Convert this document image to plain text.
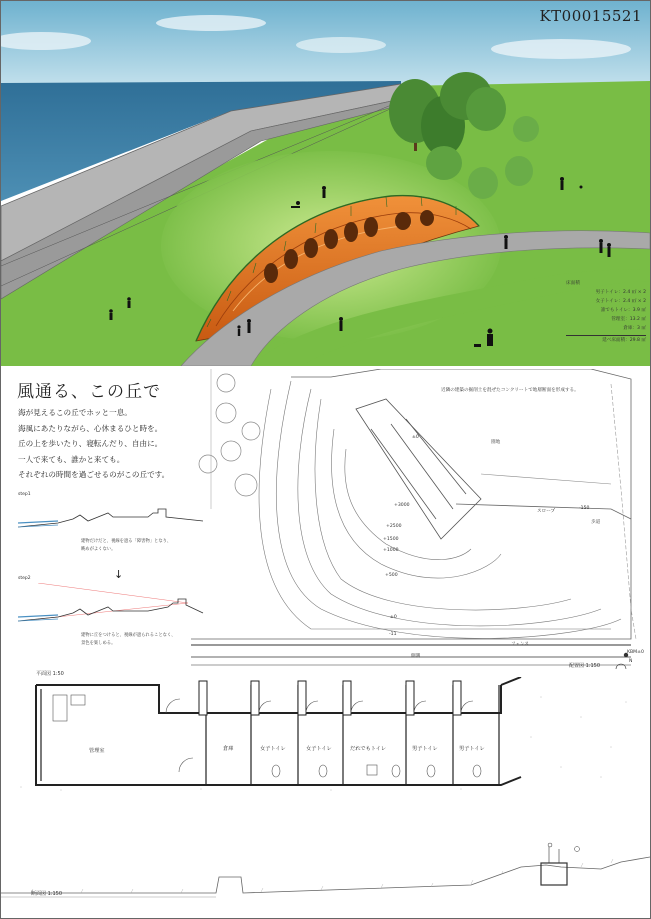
KT00015521
床面積
男子トイレ：2.4 ㎡ × 2
女子トイレ：2.4 ㎡ × 2
誰でもトイレ：3.9 ㎡
管理室：13.2 ㎡
倉庫：3 ㎡
延べ床面積：29.8 ㎡
風通る、この丘で
海が見えるこの丘でホッと一息。
海風にあたりながら、心休まるひと時を。
丘の上を歩いたり、寝転んだり、自由に。
一人で来ても、誰かと来ても。
それぞれの時間を過ごせるのがこの丘です。
step1
建物だけだと、視線を遮る「障害物」となり、
眺めがよくない。
↓
step2
建物に丘をつけると、視線が遮られることなく、
景色を楽しめる。
近隣の建築の掘削土を混ぜたコンクリートで地層断面を形成する。
±0
園地
+3000
+2500
+1500
+1000
+500
±0
-11
スロープ
-150
歩道
フェンス
側溝
KBM±0
N
配置図 1:150
平面図 1:50
管理室	倉庫	女子トイレ	女子トイレ	だれでもトイレ	男子トイレ	男子トイレ
断面図 1:150
